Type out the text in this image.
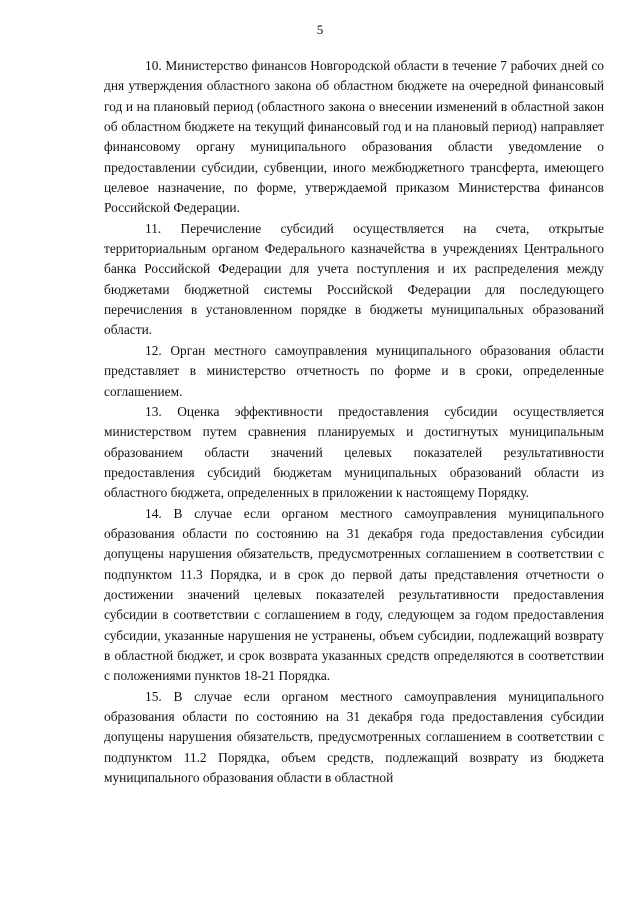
5

10. Министерство финансов Новгородской области в течение 7 рабочих дней со дня утверждения областного закона об областном бюджете на очередной финансовый год и на плановый период (областного закона о внесении изменений в областной закон об областном бюджете на текущий финансовый год и на плановый период) направляет финансовому органу муниципального образования области уведомление о предоставлении субсидии, субвенции, иного межбюджетного трансферта, имеющего целевое назначение, по форме, утверждаемой приказом Министерства финансов Российской Федерации.

11. Перечисление субсидий осуществляется на счета, открытые территориальным органом Федерального казначейства в учреждениях Центрального банка Российской Федерации для учета поступления и их распределения между бюджетами бюджетной системы Российской Федерации для последующего перечисления в установленном порядке в бюджеты муниципальных образований области.

12. Орган местного самоуправления муниципального образования области представляет в министерство отчетность по форме и в сроки, определенные соглашением.

13. Оценка эффективности предоставления субсидии осуществляется министерством путем сравнения планируемых и достигнутых муниципальным образованием области значений целевых показателей результативности предоставления субсидий бюджетам муниципальных образований области из областного бюджета, определенных в приложении к настоящему Порядку.

14. В случае если органом местного самоуправления муниципального образования области по состоянию на 31 декабря года предоставления субсидии допущены нарушения обязательств, предусмотренных соглашением в соответствии с подпунктом 11.3 Порядка, и в срок до первой даты представления отчетности о достижении значений целевых показателей результативности предоставления субсидии в соответствии с соглашением в году, следующем за годом предоставления субсидии, указанные нарушения не устранены, объем субсидии, подлежащий возврату в областной бюджет, и срок возврата указанных средств определяются в соответствии с положениями пунктов 18-21 Порядка.

15. В случае если органом местного самоуправления муниципального образования области по состоянию на 31 декабря года предоставления субсидии допущены нарушения обязательств, предусмотренных соглашением в соответствии с подпунктом 11.2 Порядка, объем средств, подлежащий возврату из бюджета муниципального образования области в областной
